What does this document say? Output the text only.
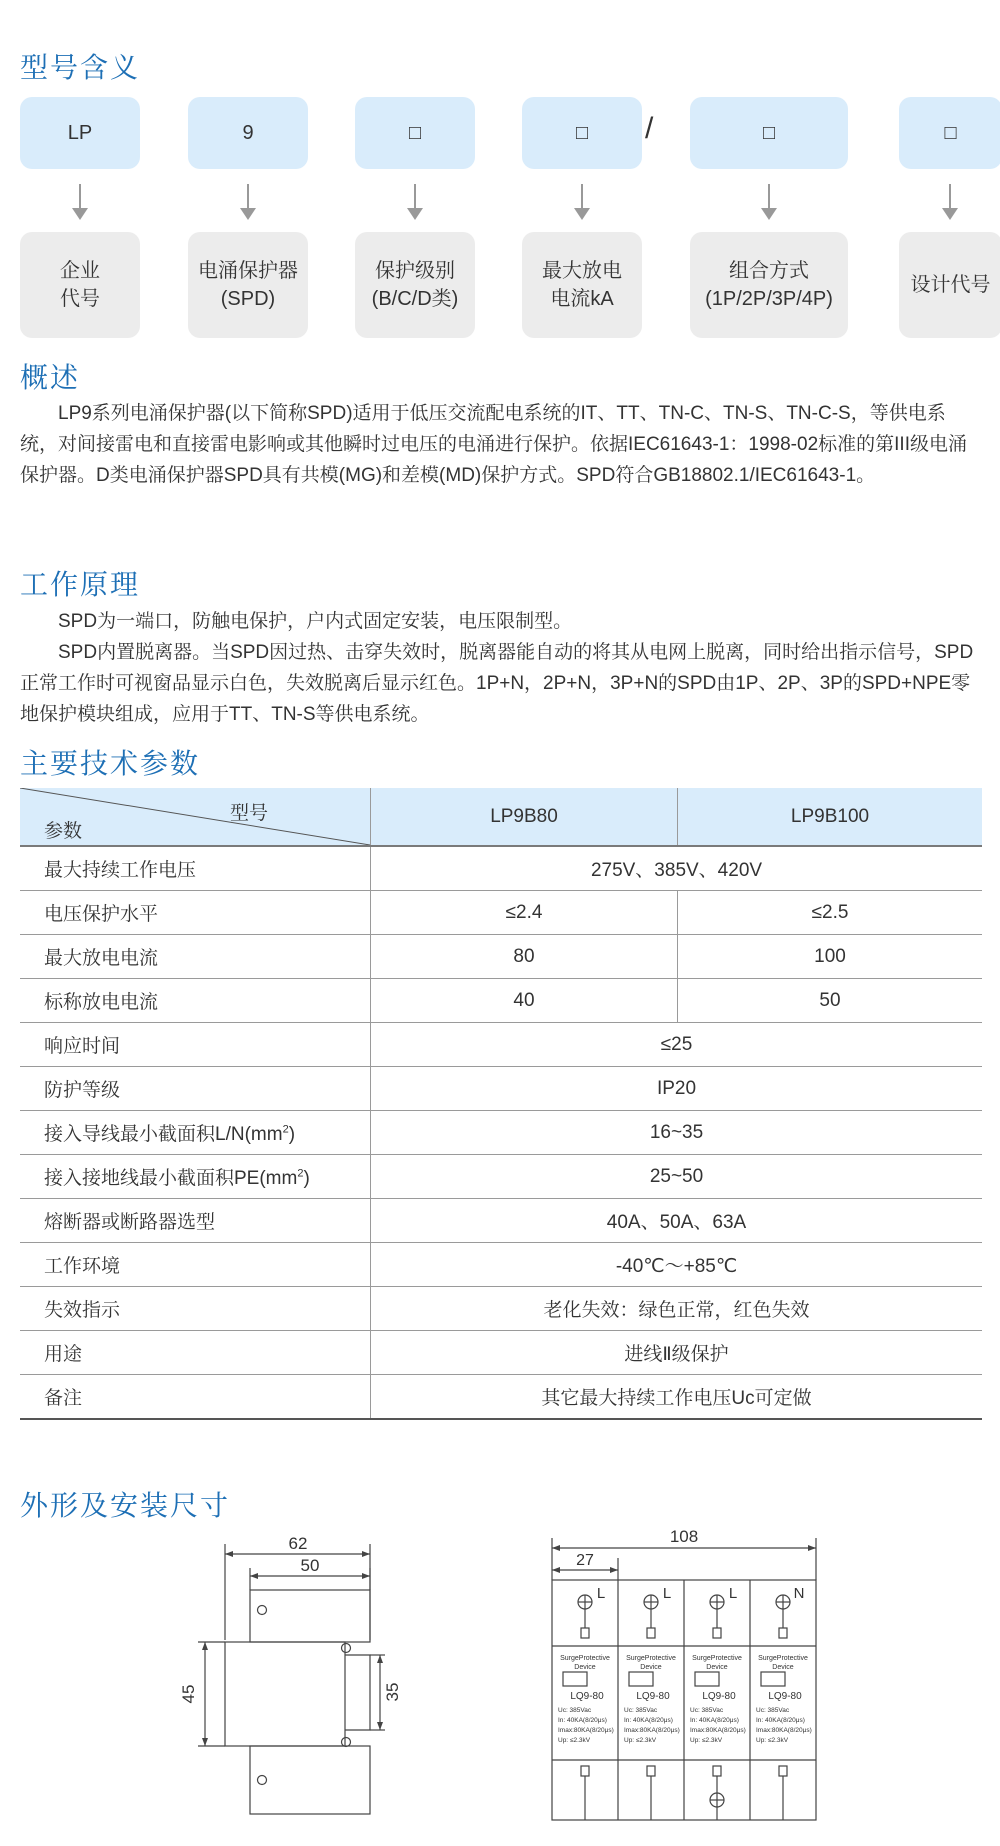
型号含义
LP	9	□	□	/	□	□
企业
代号
电涌保护器
(SPD)
保护级别
(B/C/D类)
最大放电
电流kA
组合方式
(1P/2P/3P/4P)
设计代号
概述

LP9系列电涌保护器(以下简称SPD)适用于低压交流配电系统的IT、TT、TN-C、TN-S、TN-C-S，等供电系统，对间接雷电和直接雷电影响或其他瞬时过电压的电涌进行保护。依据IEC61643-1：1998-02标准的第III级电涌保护器。D类电涌保护器SPD具有共模(MG)和差模(MD)保护方式。SPD符合GB18802.1/IEC61643-1。

工作原理

SPD为一端口，防触电保护，户内式固定安装，电压限制型。

SPD内置脱离器。当SPD因过热、击穿失效时，脱离器能自动的将其从电网上脱离，同时给出指示信号，SPD正常工作时可视窗品显示白色，失效脱离后显示红色。1P+N，2P+N，3P+N的SPD由1P、2P、3P的SPD+NPE零地保护模块组成，应用于TT、TN-S等供电系统。

主要技术参数
型号
参数	LP9B80	LP9B100
最大持续工作电压	275V、385V、420V	
电压保护水平	≤2.4	≤2.5
最大放电电流	80	100
标称放电电流	40	50
响应时间	≤25	
防护等级	IP20	
接入导线最小截面积$L/N(mm^2)$	16~35	
接入接地线最小截面积$PE(mm^2)$	25~50	
熔断器或断路器选型	40A、50A、63A	
工作环境	-40℃～+85℃	
失效指示	老化失效：绿色正常，红色失效	
用途	进线Ⅱ级保护	
备注	其它最大持续工作电压Uc可定做	
外形及安装尺寸
62
50
45	35
108
27
L
SurgeProtective
Device
LQ9-80
Uc: 385Vac
In: 40KA(8/20μs)
Imax:80KA(8/20μs)
Up: ≤2.3kV
L
SurgeProtective
Device
LQ9-80
Uc: 385Vac
In: 40KA(8/20μs)
Imax:80KA(8/20μs)
Up: ≤2.3kV
L
SurgeProtective
Device
LQ9-80
Uc: 385Vac
In: 40KA(8/20μs)
Imax:80KA(8/20μs)
Up: ≤2.3kV
N
SurgeProtective
Device
LQ9-80
Uc: 385Vac
In: 40KA(8/20μs)
Imax:80KA(8/20μs)
Up: ≤2.3kV
